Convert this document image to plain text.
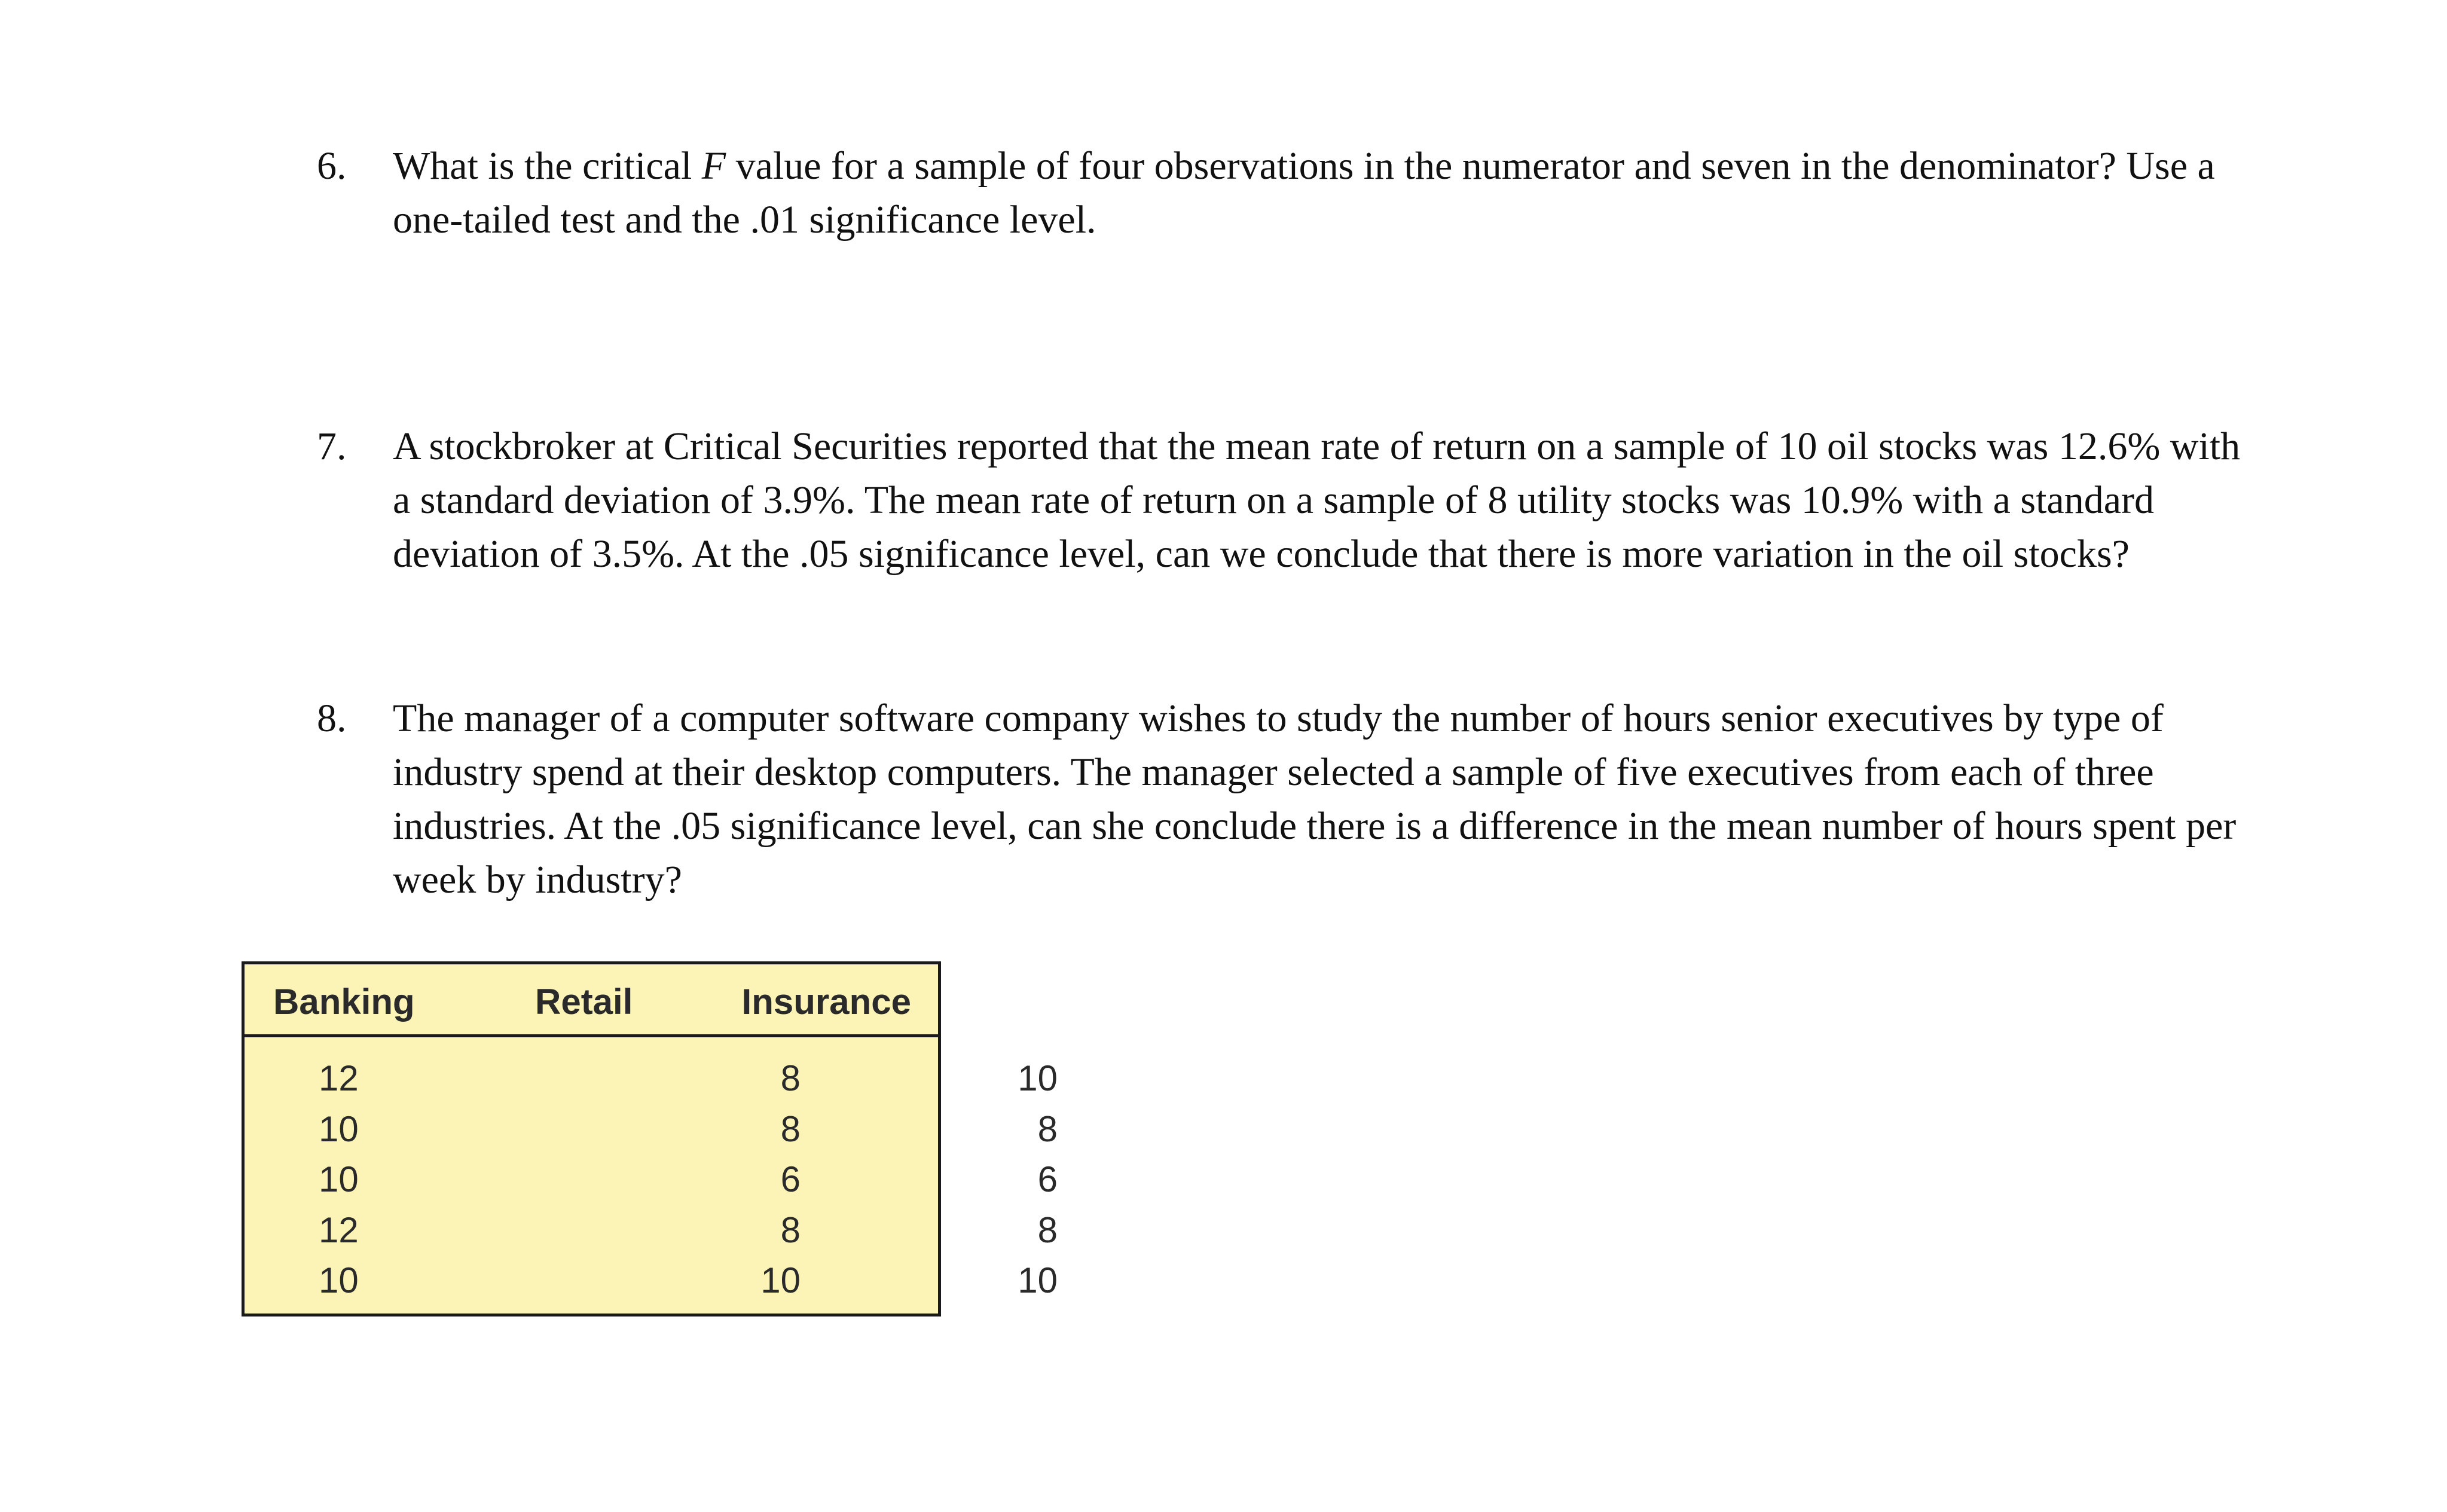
6. What is the critical F value for a sample of four observations in the numerator and seven in the denominator? Use a one-tailed test and the .01 significance level.
7. A stockbroker at Critical Securities reported that the mean rate of return on a sample of 10 oil stocks was 12.6% with a standard deviation of 3.9%. The mean rate of return on a sample of 8 utility stocks was 10.9% with a standard deviation of 3.5%. At the .05 significance level, can we conclude that there is more variation in the oil stocks?
8. The manager of a computer software company wishes to study the number of hours senior executives by type of industry spend at their desktop computers. The manager selected a sample of five executives from each of three industries. At the .05 significance level, can she conclude there is a difference in the mean number of hours spent per week by industry?
Banking	Retail	Insurance
12
10
10
12
10
8
8
6
8
10
10
8
6
8
10
